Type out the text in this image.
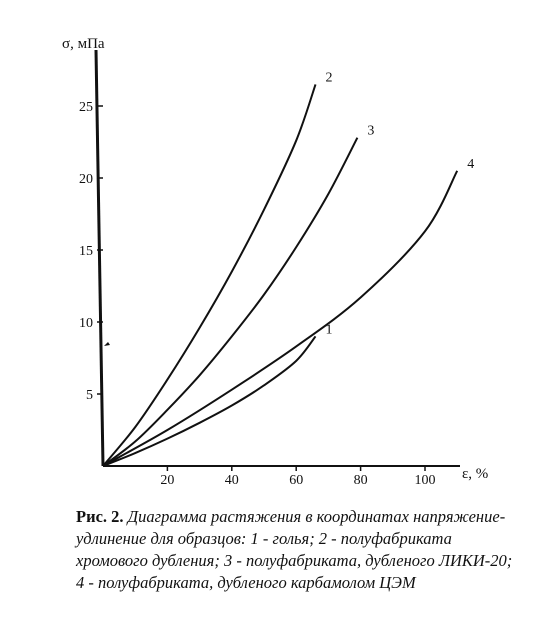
σ, мПа
ε, %
5
10
15
20
25
20	40	60	80	100
1
2
3
4
Рис. 2. Диаграмма растяжения в координатах напряжение-удлинение для образцов: 1 - голья; 2 - полуфабриката хромового дубления; 3 - полуфабриката, дубленого ЛИКИ-20; 4 - полуфабриката, дубленого карбамолом ЦЭМ
